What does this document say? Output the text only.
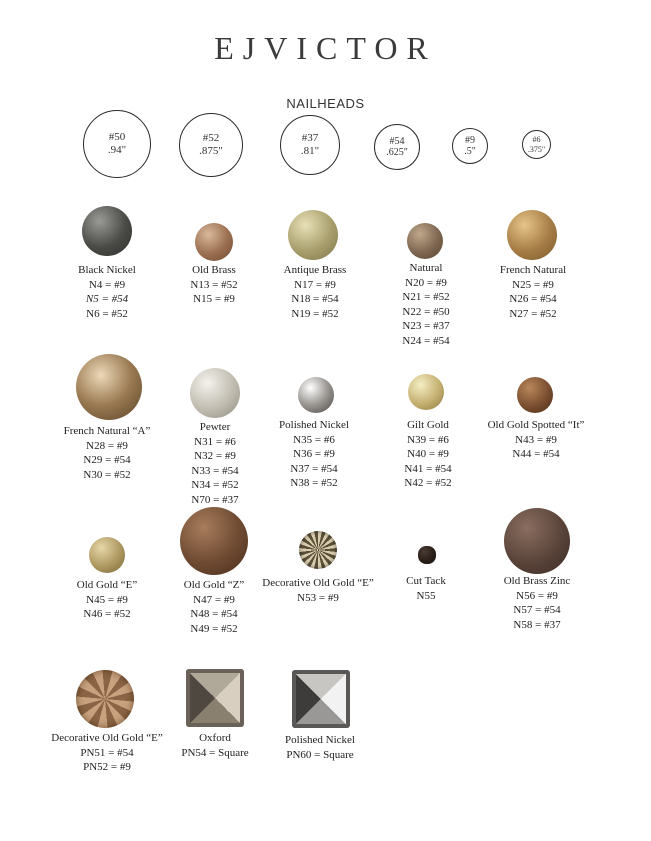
EJVICTOR
NAILHEADS
#50
.94"
#52
.875"
#37
.81"
#54
.625"
#9
.5"
#6
.375"
Black Nickel
N4 = #9
N5 = #54
N6 = #52
Old Brass
N13 = #52
N15 = #9
Antique Brass
N17 = #9
N18 = #54
N19 = #52
Natural
N20 = #9
N21 = #52
N22 = #50
N23 = #37
N24 = #54
French Natural
N25 = #9
N26 = #54
N27 = #52
French Natural “A”
N28 = #9
N29 = #54
N30 = #52
Pewter
N31 = #6
N32 = #9
N33 = #54
N34 = #52
N70 = #37
Polished Nickel
N35 = #6
N36 = #9
N37 = #54
N38 = #52
Gilt Gold
N39 = #6
N40 = #9
N41 = #54
N42 = #52
Old Gold Spotted “It”
N43 = #9
N44 = #54
Old Gold “E”
N45 = #9
N46 = #52
Old Gold “Z”
N47 = #9
N48 = #54
N49 = #52
Decorative Old Gold “E”
N53 = #9
Cut Tack
N55
Old Brass Zinc
N56 = #9
N57 = #54
N58 = #37
Decorative Old Gold “E”
PN51 = #54
PN52 = #9
Oxford
PN54 = Square
Polished Nickel
PN60 = Square
